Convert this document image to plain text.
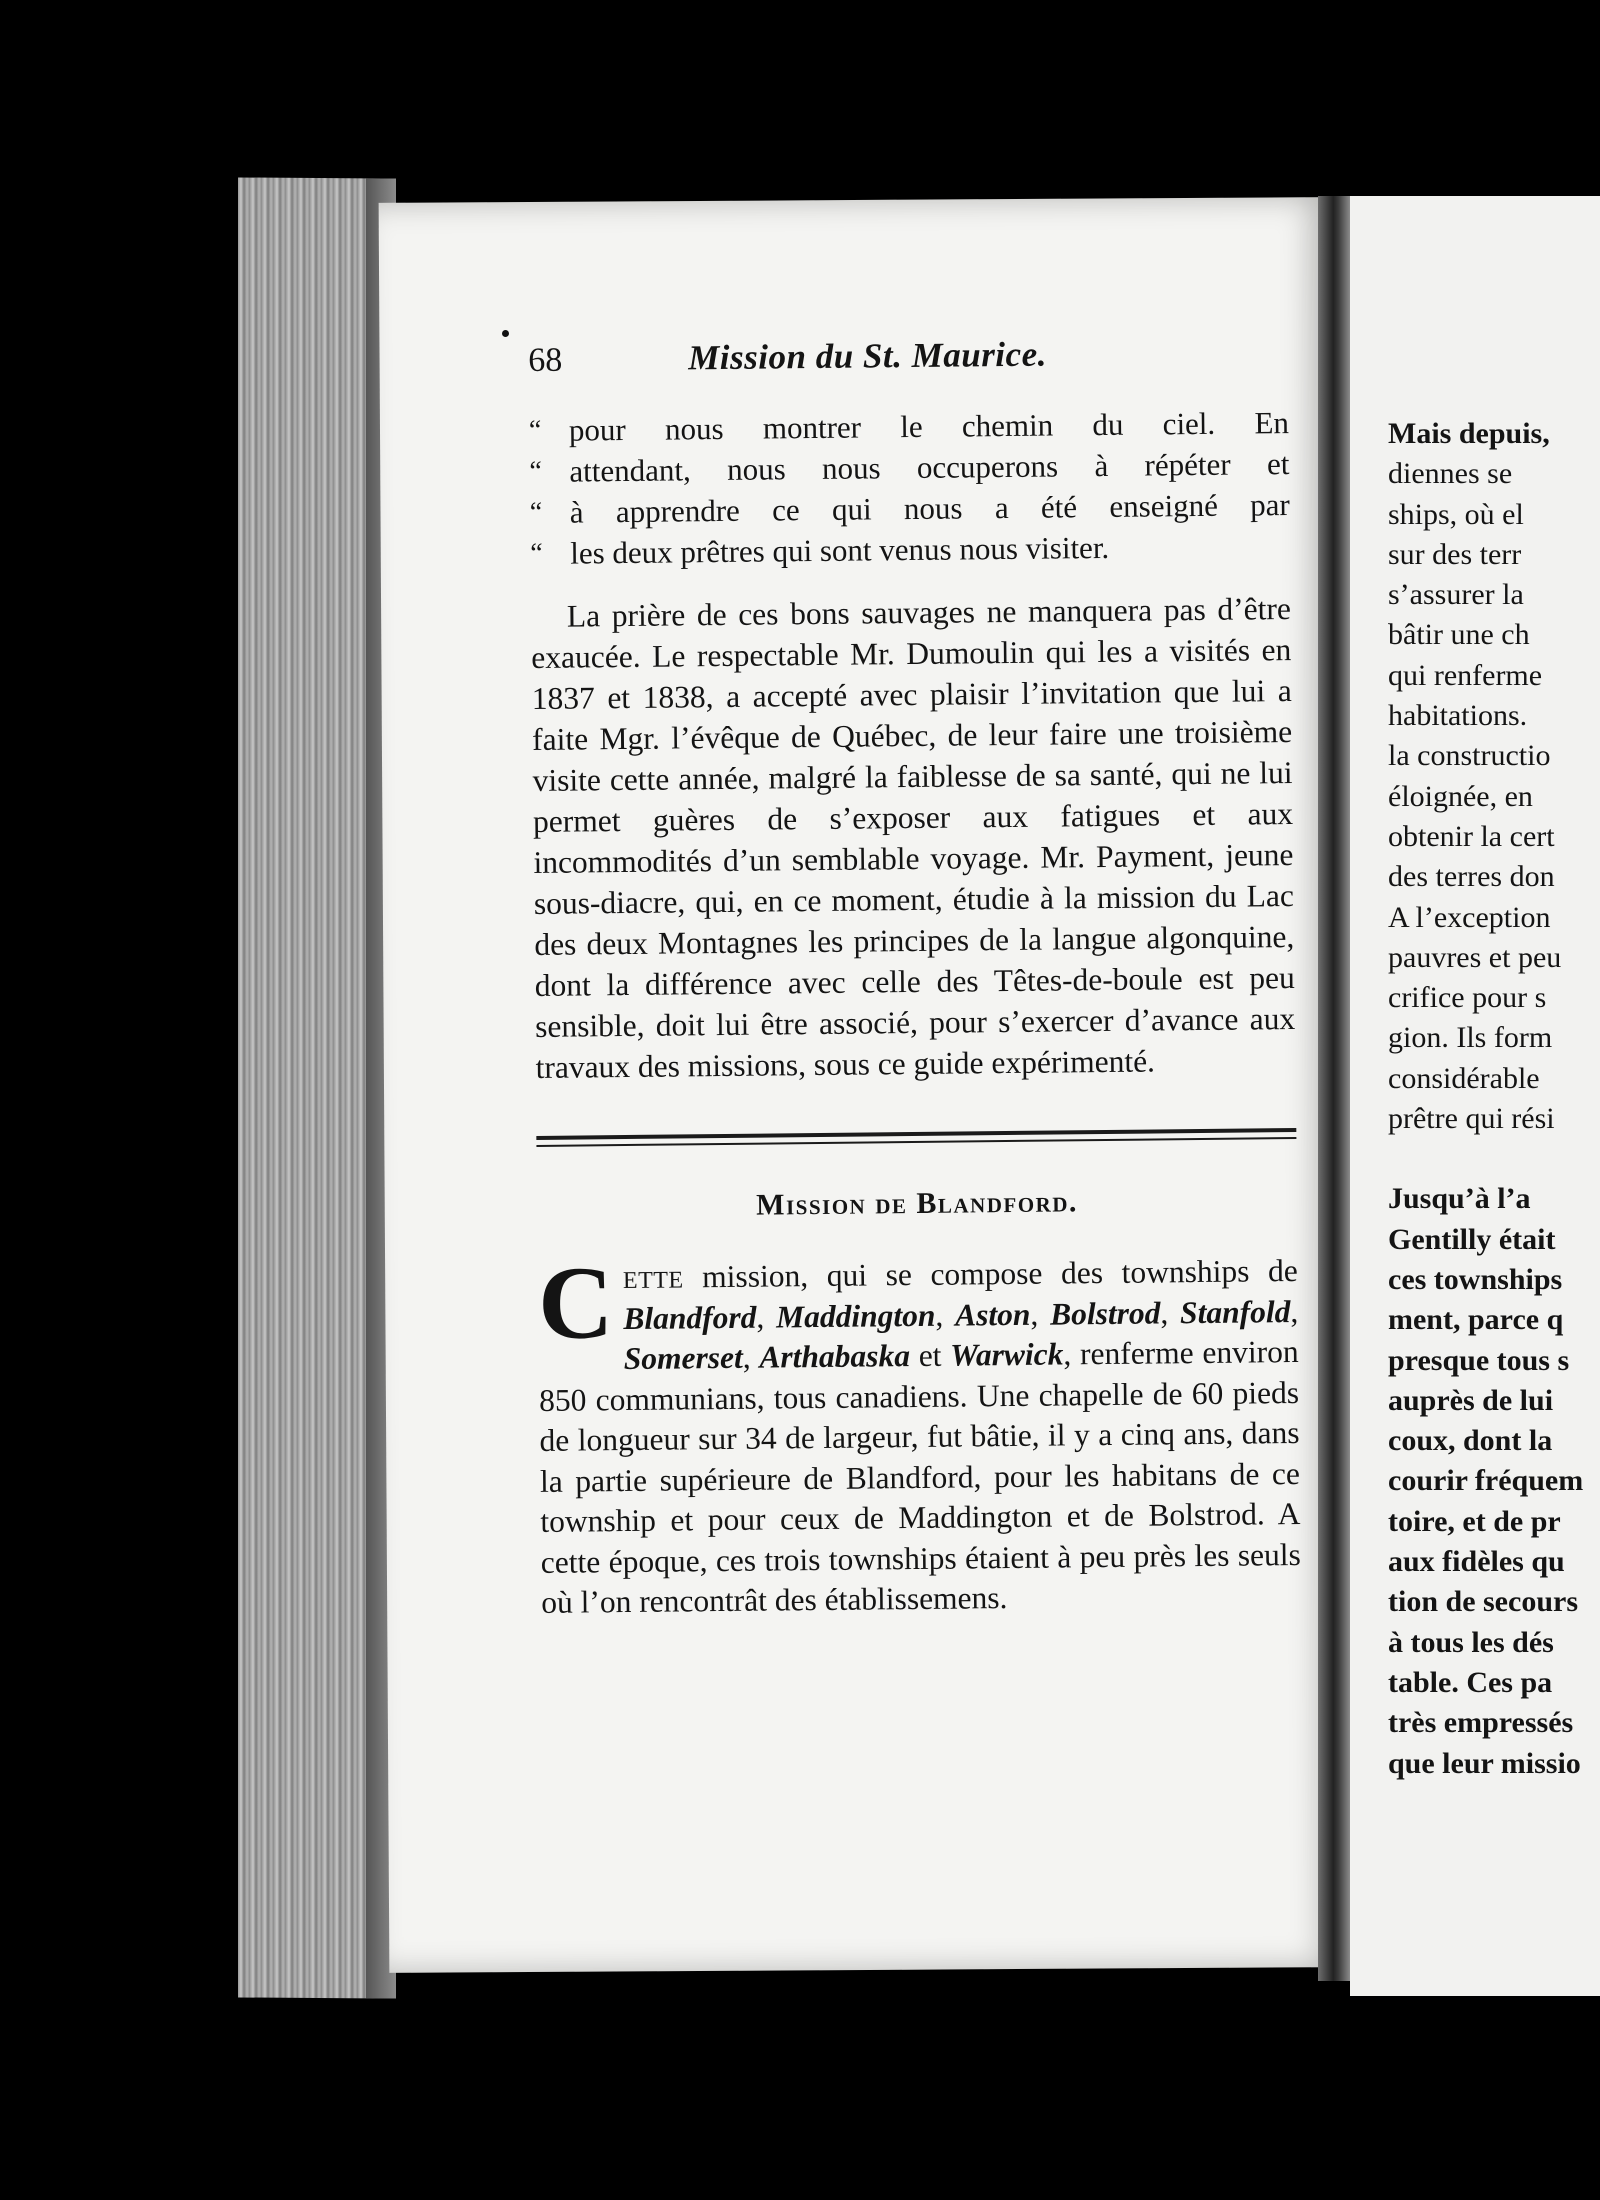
68	Mission du St. Maurice.
“ pour nous montrer le chemin du ciel. En
“ attendant, nous nous occuperons à répéter et
“ à apprendre ce qui nous a été enseigné par
“ les deux prêtres qui sont venus nous visiter.

La prière de ces bons sauvages ne manquera pas d’être exaucée. Le respectable Mr. Dumoulin qui les a visités en 1837 et 1838, a accepté avec plaisir l’invitation que lui a faite Mgr. l’évêque de Québec, de leur faire une troisième visite cette année, malgré la faiblesse de sa santé, qui ne lui permet guères de s’exposer aux fatigues et aux incommodités d’un semblable voyage. Mr. Payment, jeune sous-diacre, qui, en ce moment, étudie à la mission du Lac des deux Montagnes les principes de la langue algonquine, dont la différence avec celle des Têtes-de-boule est peu sensible, doit lui être associé, pour s’exercer d’avance aux travaux des missions, sous ce guide expérimenté.

Mission de Blandford.

Cette mission, qui se compose des townships de Blandford, Maddington, Aston, Bolstrod, Stanfold, Somerset, Arthabaska et Warwick, renferme environ 850 communians, tous canadiens. Une chapelle de 60 pieds de longueur sur 34 de largeur, fut bâtie, il y a cinq ans, dans la partie supérieure de Blandford, pour les habitans de ce township et pour ceux de Maddington et de Bolstrod. A cette époque, ces trois townships étaient à peu près les seuls où l’on rencontrât des établissemens.

Mais depuis,
diennes se
ships, où el
sur des terr
s’assurer la
bâtir une ch
qui renferme
habitations.
la constructio
éloignée, en
obtenir la cert
des terres don
A l’exception
pauvres et peu
crifice pour s
gion. Ils form
considérable
prêtre qui rési
Jusqu’à l’a
Gentilly était
ces townships
ment, parce q
presque tous s
auprès de lui
coux, dont la
courir fréquem
toire, et de pr
aux fidèles qu
tion de secours
à tous les dés
table. Ces pa
très empressés
que leur missio
